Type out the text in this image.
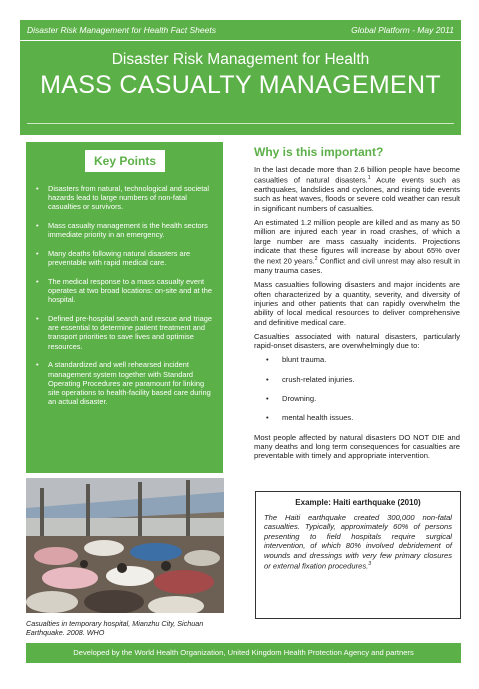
Disaster Risk Management for Health Fact Sheets	Global Platform - May 2011
Disaster Risk Management for Health
MASS CASUALTY MANAGEMENT
Key Points
• Disasters from natural, technological and societal hazards lead to large numbers of non-fatal casualties or survivors.
• Mass casualty management is the health sectors immediate priority in an emergency.
• Many deaths following natural disasters are preventable with rapid medical care.
• The medical response to a mass casualty event operates at two broad locations: on-site and at the hospital.
• Defined pre-hospital search and rescue and triage are essential to determine patient treatment and transport priorities to save lives and optimise resources.
• A standardized and well rehearsed incident management system together with Standard Operating Procedures are paramount for linking site operations to health-facility based care during an actual disaster.
Casualties in temporary hospital, Mianzhu City, Sichuan Earthquake. 2008. WHO
Why is this important?

In the last decade more than 2.6 billion people have become casualties of natural disasters.$^1$ Acute events such as earthquakes, landslides and cyclones, and rising tide events such as heat waves, floods or severe cold weather can result in significant numbers of casualties.

An estimated 1.2 million people are killed and as many as 50 million are injured each year in road crashes, of which a large number are mass casualty incidents. Projections indicate that these figures will increase by about 65% over the next 20 years.$^2$ Conflict and civil unrest may also result in many trauma cases.

Mass casualties following disasters and major incidents are often characterized by a quantity, severity, and diversity of injuries and other patients that can rapidly overwhelm the ability of local medical resources to deliver comprehensive and definitive medical care.

Casualties associated with natural disasters, particularly rapid-onset disasters, are overwhelmingly due to:

• blunt trauma.
• crush-related injuries.
• Drowning.
• mental health issues.

Most people affected by natural disasters DO NOT DIE and many deaths and long term consequences for casualties are preventable with timely and appropriate intervention.

Example: Haiti earthquake (2010)
The Haiti earthquake created 300,000 non-fatal casualties. Typically, approximately 60% of persons presenting to field hospitals require surgical intervention, of which 80% involved debridement of wounds and dressings with very few primary closures or external fixation procedures.$^3$
Developed by the World Health Organization, United Kingdom Health Protection Agency and partners
